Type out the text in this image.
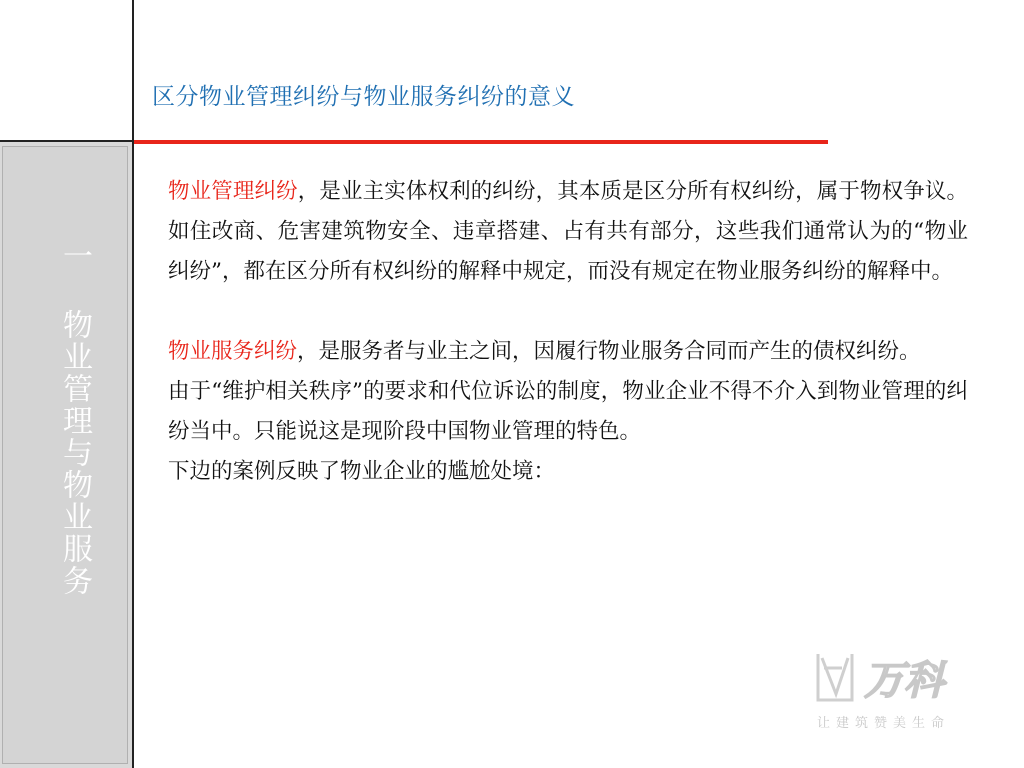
区分物业管理纠纷与物业服务纠纷的意义
一 物业管理与物业服务

物业管理纠纷，是业主实体权利的纠纷，其本质是区分所有权纠纷，属于物权争议。如住改商、危害建筑物安全、违章搭建、占有共有部分，这些我们通常认为的“物业纠纷”，都在区分所有权纠纷的解释中规定，而没有规定在物业服务纠纷的解释中。

物业服务纠纷，是服务者与业主之间，因履行物业服务合同而产生的债权纠纷。

由于“维护相关秩序”的要求和代位诉讼的制度，物业企业不得不介入到物业管理的纠纷当中。只能说这是现阶段中国物业管理的特色。

下边的案例反映了物业企业的尴尬处境：

万科
让建筑赞美生命
